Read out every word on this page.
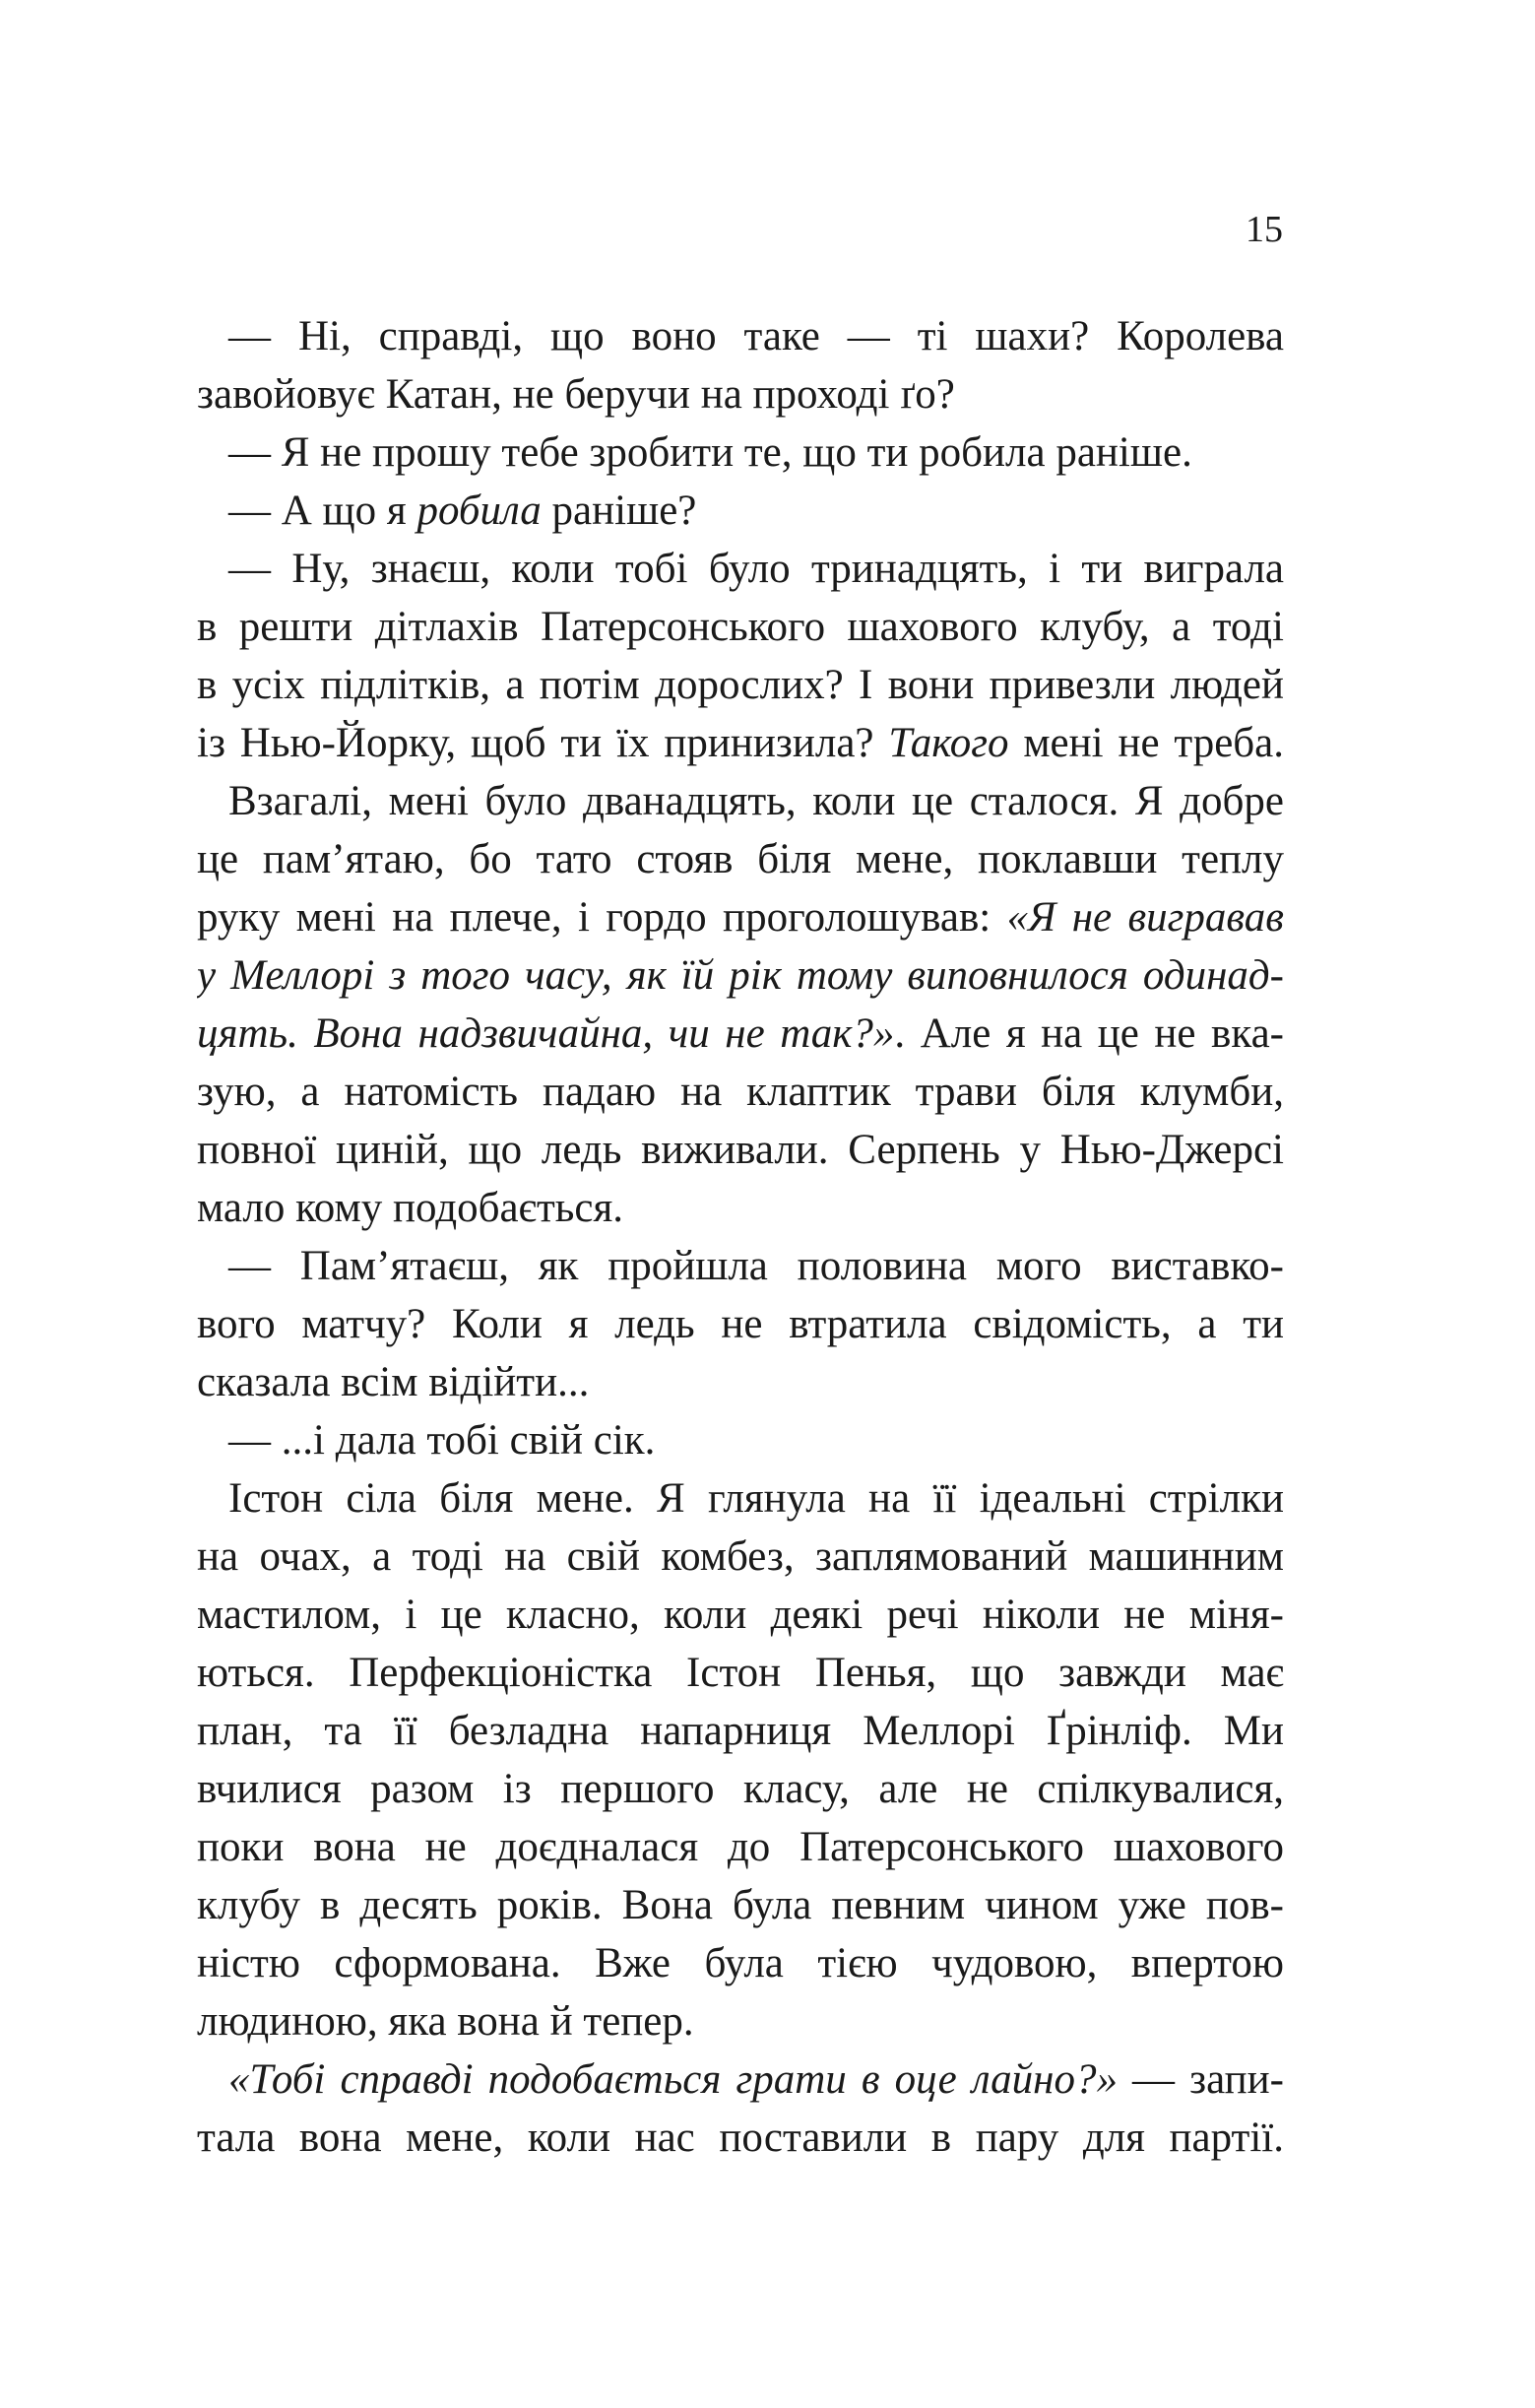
15
— Ні, справді, що воно таке — ті шахи? Королева
завойовує Катан, не беручи на проході ґо?
— Я не прошу тебе зробити те, що ти робила раніше.
— А що я робила раніше?
— Ну, знаєш, коли тобі було тринадцять, і ти виграла
в решти дітлахів Патерсонського шахового клубу, а тоді
в усіх підлітків, а потім дорослих? І вони привезли людей
із Нью-Йорку, щоб ти їх принизила? Такого мені не треба.
Взагалі, мені було дванадцять, коли це сталося. Я добре
це пам’ятаю, бо тато стояв біля мене, поклавши теплу
руку мені на плече, і гордо проголошував: «Я не вигравав
у Меллорі з того часу, як їй рік тому виповнилося одинад-
цять. Вона надзвичайна, чи не так?». Але я на це не вка-
зую, а натомість падаю на клаптик трави біля клумби,
повної циній, що ледь виживали. Серпень у Нью-Джерсі
мало кому подобається.
— Пам’ятаєш, як пройшла половина мого виставко-
вого матчу? Коли я ледь не втратила свідомість, а ти
сказала всім відійти...
— ...і дала тобі свій сік.
Істон сіла біля мене. Я глянула на її ідеальні стрілки
на очах, а тоді на свій комбез, заплямований машинним
мастилом, і це класно, коли деякі речі ніколи не міня-
ються. Перфекціоністка Істон Пенья, що завжди має
план, та її безладна напарниця Меллорі Ґрінліф. Ми
вчилися разом із першого класу, але не спілкувалися,
поки вона не доєдналася до Патерсонського шахового
клубу в десять років. Вона була певним чином уже пов-
ністю сформована. Вже була тією чудовою, впертою
людиною, яка вона й тепер.
«Тобі справді подобається грати в оце лайно?» — запи-
тала вона мене, коли нас поставили в пару для партії.
